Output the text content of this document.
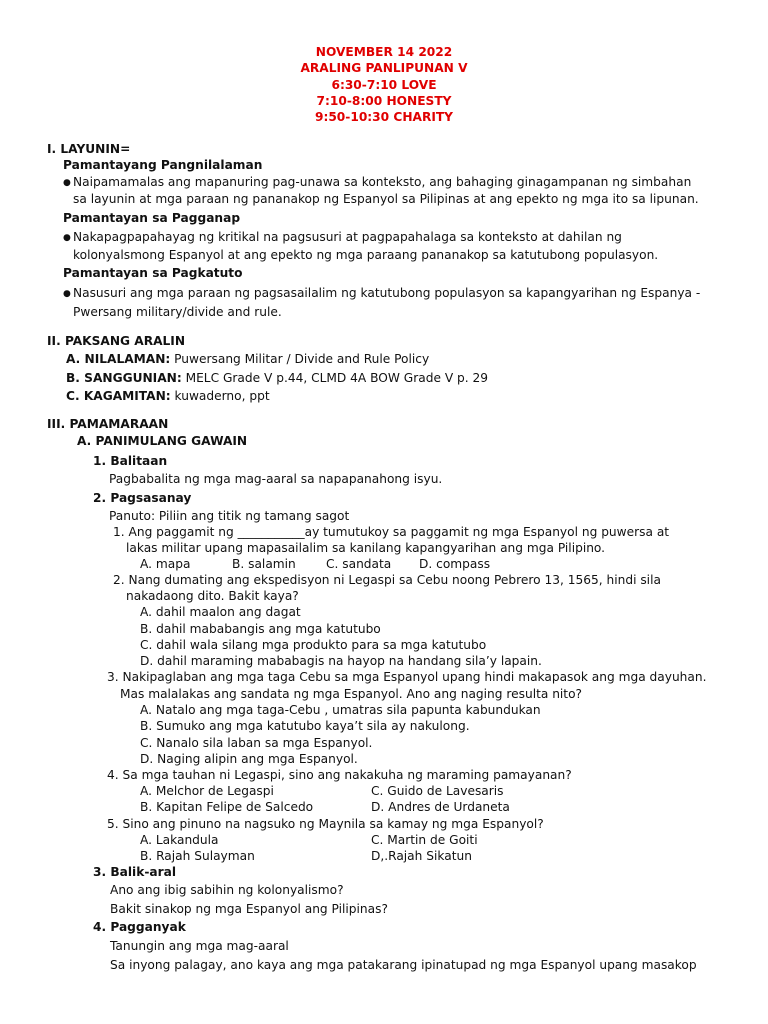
NOVEMBER 14 2022
ARALING PANLIPUNAN V
6:30-7:10 LOVE
7:10-8:00 HONESTY
9:50-10:30 CHARITY
I. LAYUNIN=
Pamantayang Pangnilalaman
● Naipamamalas ang mapanuring pag-unawa sa konteksto, ang bahaging ginagampanan ng simbahan
sa layunin at mga paraan ng pananakop ng Espanyol sa Pilipinas at ang epekto ng mga ito sa lipunan.
Pamantayan sa Pagganap
● Nakapagpapahayag ng kritikal na pagsusuri at pagpapahalaga sa konteksto at dahilan ng
kolonyalsmong Espanyol at ang epekto ng mga paraang pananakop sa katutubong populasyon.
Pamantayan sa Pagkatuto
● Nasusuri ang mga paraan ng pagsasailalim ng katutubong populasyon sa kapangyarihan ng Espanya -
Pwersang military/divide and rule.
II. PAKSANG ARALIN
A. NILALAMAN: Puwersang Militar / Divide and Rule Policy
B. SANGGUNIAN: MELC Grade V p.44, CLMD 4A BOW Grade V p. 29
C. KAGAMITAN: kuwaderno, ppt
III. PAMAMARAAN
A. PANIMULANG GAWAIN
1. Balitaan
Pagbabalita ng mga mag-aaral sa napapanahong isyu.
2. Pagsasanay
Panuto: Piliin ang titik ng tamang sagot
1. Ang paggamit ng ___________ay tumutukoy sa paggamit ng mga Espanyol ng puwersa at
lakas militar upang mapasailalim sa kanilang kapangyarihan ang mga Pilipino.
A. mapa	B. salamin C. sandata D. compass
2. Nang dumating ang ekspedisyon ni Legaspi sa Cebu noong Pebrero 13, 1565, hindi sila
nakadaong dito. Bakit kaya?
A. dahil maalon ang dagat
B. dahil mababangis ang mga katutubo
C. dahil wala silang mga produkto para sa mga katutubo
D. dahil maraming mababagis na hayop na handang sila’y lapain.
3. Nakipaglaban ang mga taga Cebu sa mga Espanyol upang hindi makapasok ang mga dayuhan.
Mas malalakas ang sandata ng mga Espanyol. Ano ang naging resulta nito?
A. Natalo ang mga taga-Cebu , umatras sila papunta kabundukan
B. Sumuko ang mga katutubo kaya’t sila ay nakulong.
C. Nanalo sila laban sa mga Espanyol.
D. Naging alipin ang mga Espanyol.
4. Sa mga tauhan ni Legaspi, sino ang nakakuha ng maraming pamayanan?
A. Melchor de Legaspi	C. Guido de Lavesaris
B. Kapitan Felipe de Salcedo	D. Andres de Urdaneta
5. Sino ang pinuno na nagsuko ng Maynila sa kamay ng mga Espanyol?
A. Lakandula	C. Martin de Goiti
B. Rajah Sulayman	D,.Rajah Sikatun
3. Balik-aral
Ano ang ibig sabihin ng kolonyalismo?
Bakit sinakop ng mga Espanyol ang Pilipinas?
4. Pagganyak
Tanungin ang mga mag-aaral
Sa inyong palagay, ano kaya ang mga patakarang ipinatupad ng mga Espanyol upang masakop
